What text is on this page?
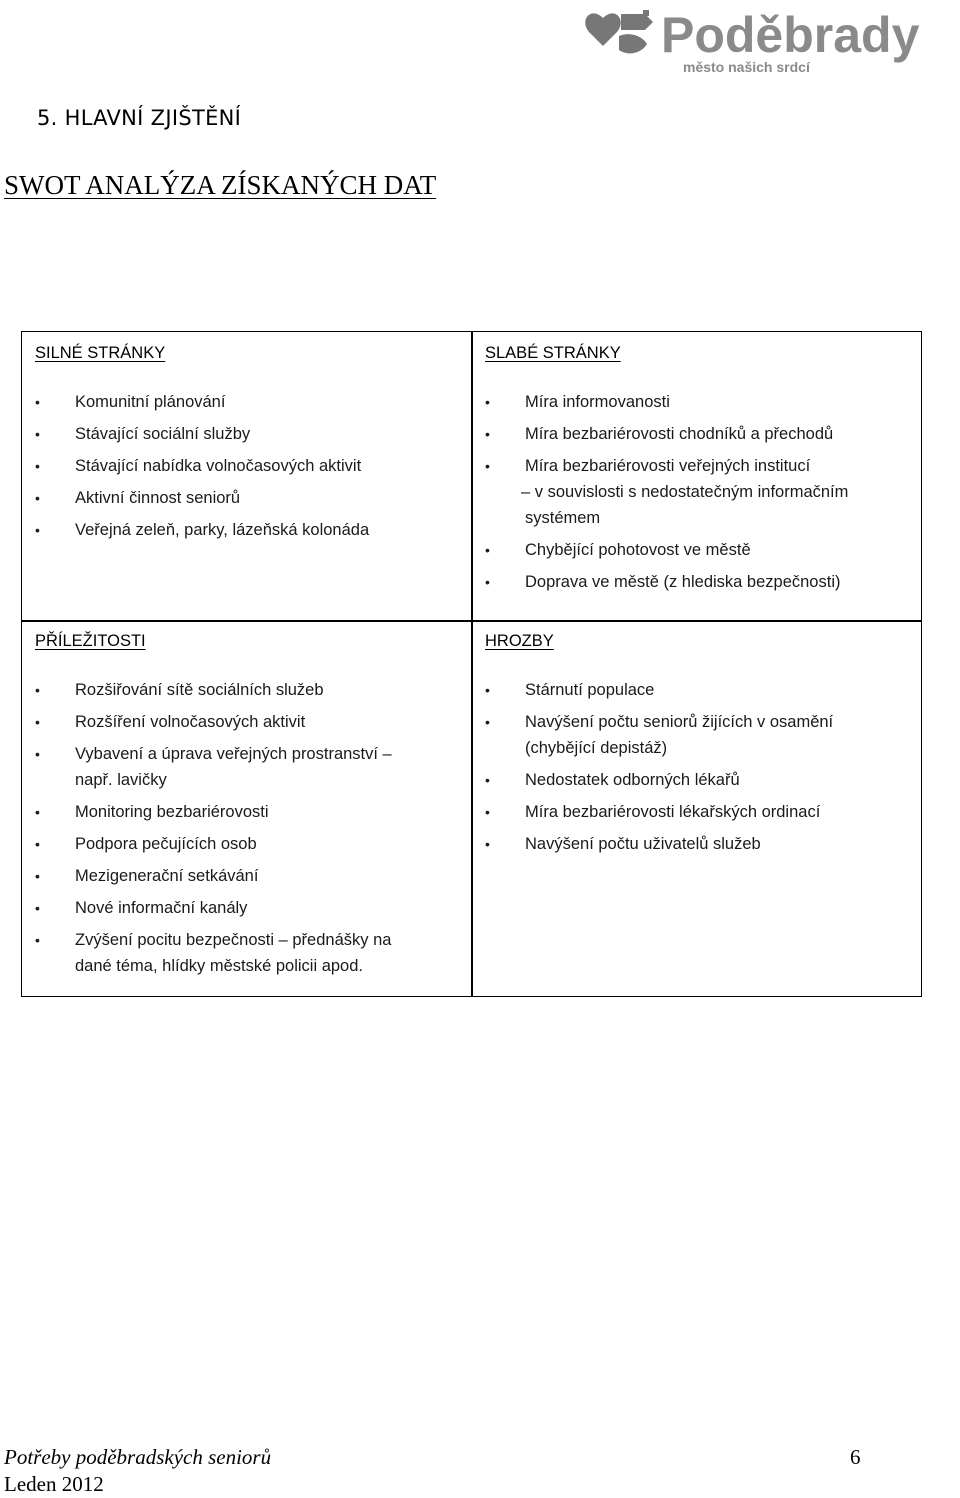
Poděbrady
město našich srdcí
5. HLAVNÍ ZJIŠTĚNÍ
SWOT ANALÝZA ZÍSKANÝCH DAT
SILNÉ STRÁNKY
• Komunitní plánování
• Stávající sociální služby
• Stávající nabídka volnočasových aktivit
• Aktivní činnost seniorů
• Veřejná zeleň, parky, lázeňská kolonáda
SLABÉ STRÁNKY
• Míra informovanosti
• Míra bezbariérovosti chodníků a přechodů
• Míra bezbariérovosti veřejných institucí
– v souvislosti s nedostatečným informačním
systémem
• Chybějící pohotovost ve městě
• Doprava ve městě (z hlediska bezpečnosti)
PŘÍLEŽITOSTI
• Rozšiřování sítě sociálních služeb
• Rozšíření volnočasových aktivit
• Vybavení a úprava veřejných prostranství –
např. lavičky
• Monitoring bezbariérovosti
• Podpora pečujících osob
• Mezigenerační setkávání
• Nové informační kanály
• Zvýšení pocitu bezpečnosti – přednášky na
dané téma, hlídky městské policii apod.
HROZBY
• Stárnutí populace
• Navýšení počtu seniorů žijících v osamění
(chybějící depistáž)
• Nedostatek odborných lékařů
• Míra bezbariérovosti lékařských ordinací
• Navýšení počtu uživatelů služeb
Potřeby poděbradských seniorů
Leden 2012
6
